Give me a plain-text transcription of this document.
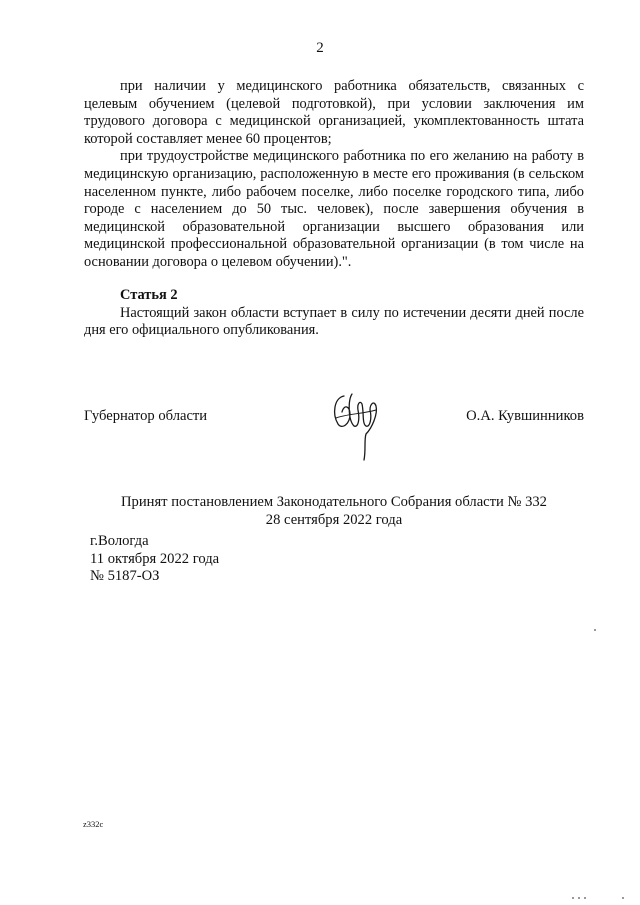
2

при наличии у медицинского работника обязательств, связанных с целевым обучением (целевой подготовкой), при условии заключения им трудового договора с медицинской организацией, укомплектованность штата которой составляет менее 60 процентов;

при трудоустройстве медицинского работника по его желанию на работу в медицинскую организацию, расположенную в месте его проживания (в сельском населенном пункте, либо рабочем поселке, либо поселке городского типа, либо городе с населением до 50 тыс. человек), после завершения обучения в медицинской образовательной организации высшего образования или медицинской профессиональной образовательной организации (в том числе на основании договора о целевом обучении).".

Статья 2

Настоящий закон области вступает в силу по истечении десяти дней после дня его официального опубликования.

Губернатор области	О.А. Кувшинников
Принят постановлением Законодательного Собрания области № 332
28 сентября 2022 года
г.Вологда
11 октября 2022 года
№ 5187-ОЗ
z332c
